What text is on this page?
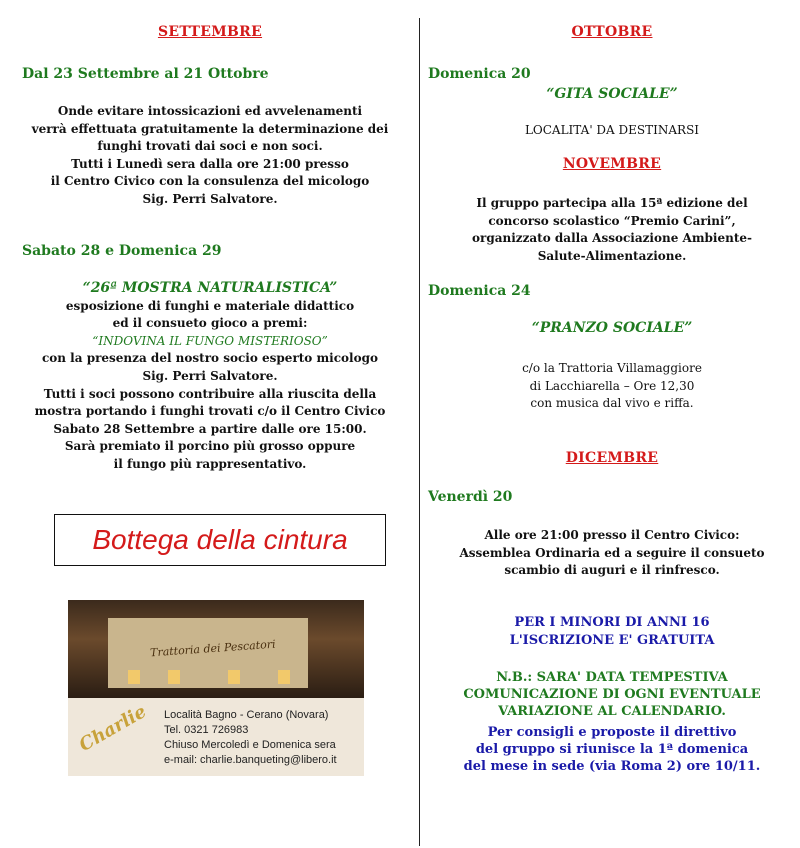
SETTEMBRE
Dal 23 Settembre al 21 Ottobre
Onde evitare intossicazioni ed avvelenamenti
verrà effettuata gratuitamente la determinazione dei
funghi trovati dai soci e non soci.
Tutti i Lunedì sera dalla ore 21:00 presso
il Centro Civico con la consulenza del micologo
Sig. Perri Salvatore.
Sabato 28 e Domenica 29
“26ª MOSTRA NATURALISTICA”
esposizione di funghi e materiale didattico
ed il consueto gioco a premi:
“INDOVINA IL FUNGO MISTERIOSO”
con la presenza del nostro socio esperto micologo
Sig. Perri Salvatore.
Tutti i soci possono contribuire alla riuscita della
mostra portando i funghi trovati c/o il Centro Civico
Sabato 28 Settembre a partire dalle ore 15:00.
Sarà premiato il porcino più grosso oppure
il fungo più rappresentativo.
Bottega della cintura
Trattoria dei Pescatori
Charlie Località Bagno - Cerano (Novara)
Tel. 0321 726983
Chiuso Mercoledì e Domenica sera
e-mail: charlie.banqueting@libero.it
OTTOBRE
Domenica 20
“GITA SOCIALE”
LOCALITA' DA DESTINARSI
NOVEMBRE
Il gruppo partecipa alla 15ª edizione del
concorso scolastico “Premio Carini”,
organizzato dalla Associazione Ambiente-
Salute-Alimentazione.
Domenica 24
“PRANZO SOCIALE”
c/o la Trattoria Villamaggiore
di Lacchiarella – Ore 12,30
con musica dal vivo e riffa.
DICEMBRE
Venerdì 20
Alle ore 21:00 presso il Centro Civico:
Assemblea Ordinaria ed a seguire il consueto
scambio di auguri e il rinfresco.
PER I MINORI DI ANNI 16
L'ISCRIZIONE E' GRATUITA
N.B.: SARA' DATA TEMPESTIVA
COMUNICAZIONE DI OGNI EVENTUALE
VARIAZIONE AL CALENDARIO.
Per consigli e proposte il direttivo
del gruppo si riunisce la 1ª domenica
del mese in sede (via Roma 2) ore 10/11.
